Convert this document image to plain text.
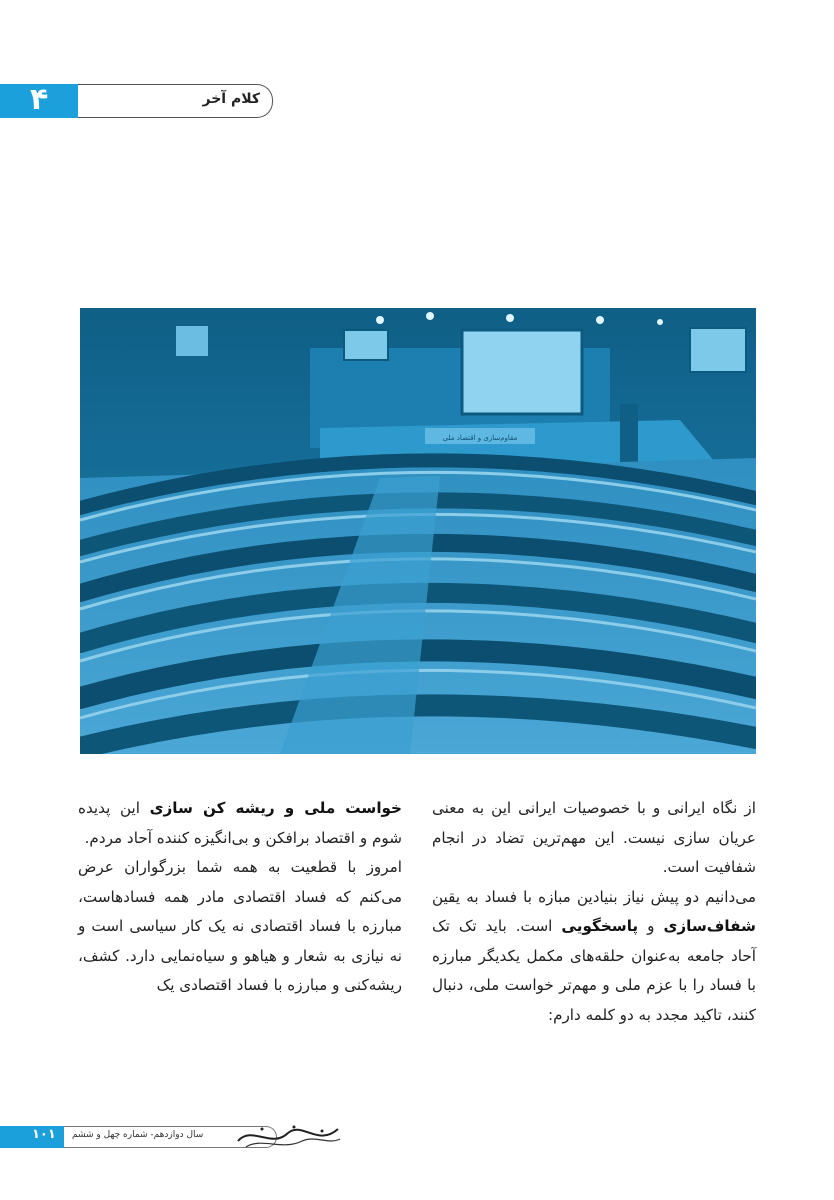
۴	کلام آخر
مقاوم‌سازی و اقتصاد ملی

از نگاه ایرانی و با خصوصیات ایرانی این به معنی عریان سازی نیست. این مهم‌ترین تضاد در انجام شفافیت است.

می‌دانیم دو پیش نیاز بنیادین مبازه با فساد به یقین شفاف‌سازی و پاسخگویی است. باید تک تک آحاد جامعه به‌عنوان حلقه‌های مکمل یکدیگر مبارزه با فساد را با عزم ملی و مهم‌تر خواست ملی، دنبال کنند، تاکید مجدد به دو کلمه دارم:

خواست ملی و ریشه کن سازی این پدیده شوم و اقتصاد برافکن و بی‌انگیزه کننده آحاد مردم.

امروز با قطعیت به همه شما بزرگواران عرض می‌کنم که فساد اقتصادی مادر همه فسادهاست، مبارزه با فساد اقتصادی نه یک کار سیاسی است و نه نیازی به شعار و هیاهو و سیاه‌نمایی دارد. کشف، ریشه‌کنی و مبارزه با فساد اقتصادی یک

۱۰۱ سال دوازدهم- شماره چهل و ششم
